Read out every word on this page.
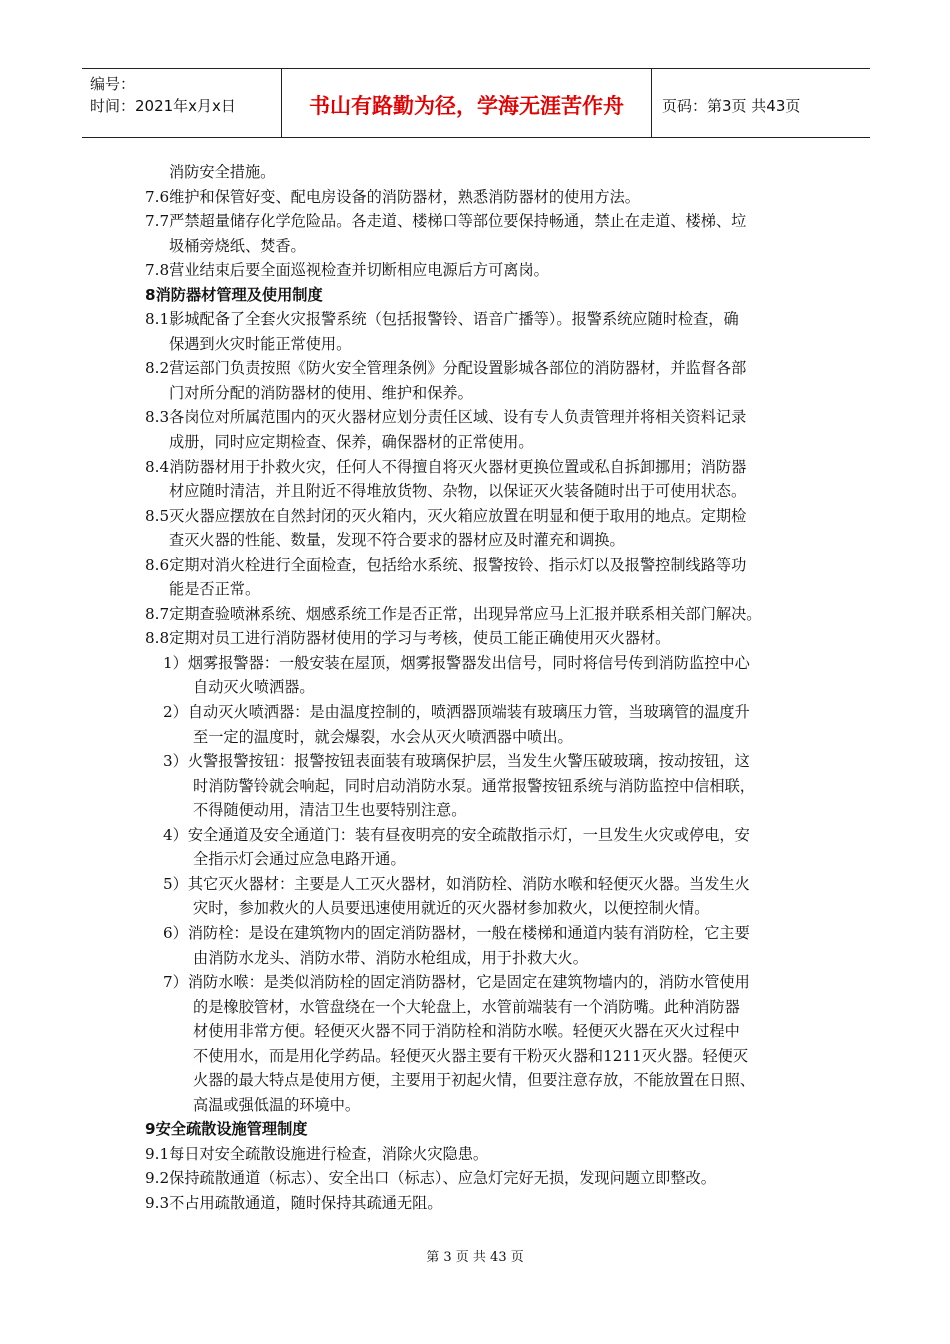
编号：
时间：2021年x月x日	书山有路勤为径，学海无涯苦作舟	页码：第3页 共43页
消防安全措施。
7.6维护和保管好变、配电房设备的消防器材，熟悉消防器材的使用方法。
7.7严禁超量储存化学危险品。各走道、楼梯口等部位要保持畅通，禁止在走道、楼梯、垃
圾桶旁烧纸、焚香。
7.8营业结束后要全面巡视检查并切断相应电源后方可离岗。
8消防器材管理及使用制度
8.1影城配备了全套火灾报警系统（包括报警铃、语音广播等）。报警系统应随时检查，确
保遇到火灾时能正常使用。
8.2营运部门负责按照《防火安全管理条例》分配设置影城各部位的消防器材，并监督各部
门对所分配的消防器材的使用、维护和保养。
8.3各岗位对所属范围内的灭火器材应划分责任区域、设有专人负责管理并将相关资料记录
成册，同时应定期检查、保养，确保器材的正常使用。
8.4消防器材用于扑救火灾，任何人不得擅自将灭火器材更换位置或私自拆卸挪用；消防器
材应随时清洁，并且附近不得堆放货物、杂物，以保证灭火装备随时出于可使用状态。
8.5灭火器应摆放在自然封闭的灭火箱内，灭火箱应放置在明显和便于取用的地点。定期检
查灭火器的性能、数量，发现不符合要求的器材应及时灌充和调换。
8.6定期对消火栓进行全面检查，包括给水系统、报警按铃、指示灯以及报警控制线路等功
能是否正常。
8.7定期查验喷淋系统、烟感系统工作是否正常，出现异常应马上汇报并联系相关部门解决。
8.8定期对员工进行消防器材使用的学习与考核，使员工能正确使用灭火器材。
1）烟雾报警器：一般安装在屋顶，烟雾报警器发出信号，同时将信号传到消防监控中心
自动灭火喷洒器。
2）自动灭火喷洒器：是由温度控制的，喷洒器顶端装有玻璃压力管，当玻璃管的温度升
至一定的温度时，就会爆裂，水会从灭火喷洒器中喷出。
3）火警报警按钮：报警按钮表面装有玻璃保护层，当发生火警压破玻璃，按动按钮，这
时消防警铃就会响起，同时启动消防水泵。通常报警按钮系统与消防监控中信相联，
不得随便动用，清洁卫生也要特别注意。
4）安全通道及安全通道门：装有昼夜明亮的安全疏散指示灯，一旦发生火灾或停电，安
全指示灯会通过应急电路开通。
5）其它灭火器材：主要是人工灭火器材，如消防栓、消防水喉和轻便灭火器。当发生火
灾时，参加救火的人员要迅速使用就近的灭火器材参加救火，以便控制火情。
6）消防栓：是设在建筑物内的固定消防器材，一般在楼梯和通道内装有消防栓，它主要
由消防水龙头、消防水带、消防水枪组成，用于扑救大火。
7）消防水喉：是类似消防栓的固定消防器材，它是固定在建筑物墙内的，消防水管使用
的是橡胶管材，水管盘绕在一个大轮盘上，水管前端装有一个消防嘴。此种消防器
材使用非常方便。轻便灭火器不同于消防栓和消防水喉。轻便灭火器在灭火过程中
不使用水，而是用化学药品。轻便灭火器主要有干粉灭火器和1211灭火器。轻便灭
火器的最大特点是使用方便，主要用于初起火情，但要注意存放，不能放置在日照、
高温或强低温的环境中。
9安全疏散设施管理制度
9.1每日对安全疏散设施进行检查，消除火灾隐患。
9.2保持疏散通道（标志）、安全出口（标志）、应急灯完好无损，发现问题立即整改。
9.3不占用疏散通道，随时保持其疏通无阻。
第 3 页 共 43 页
